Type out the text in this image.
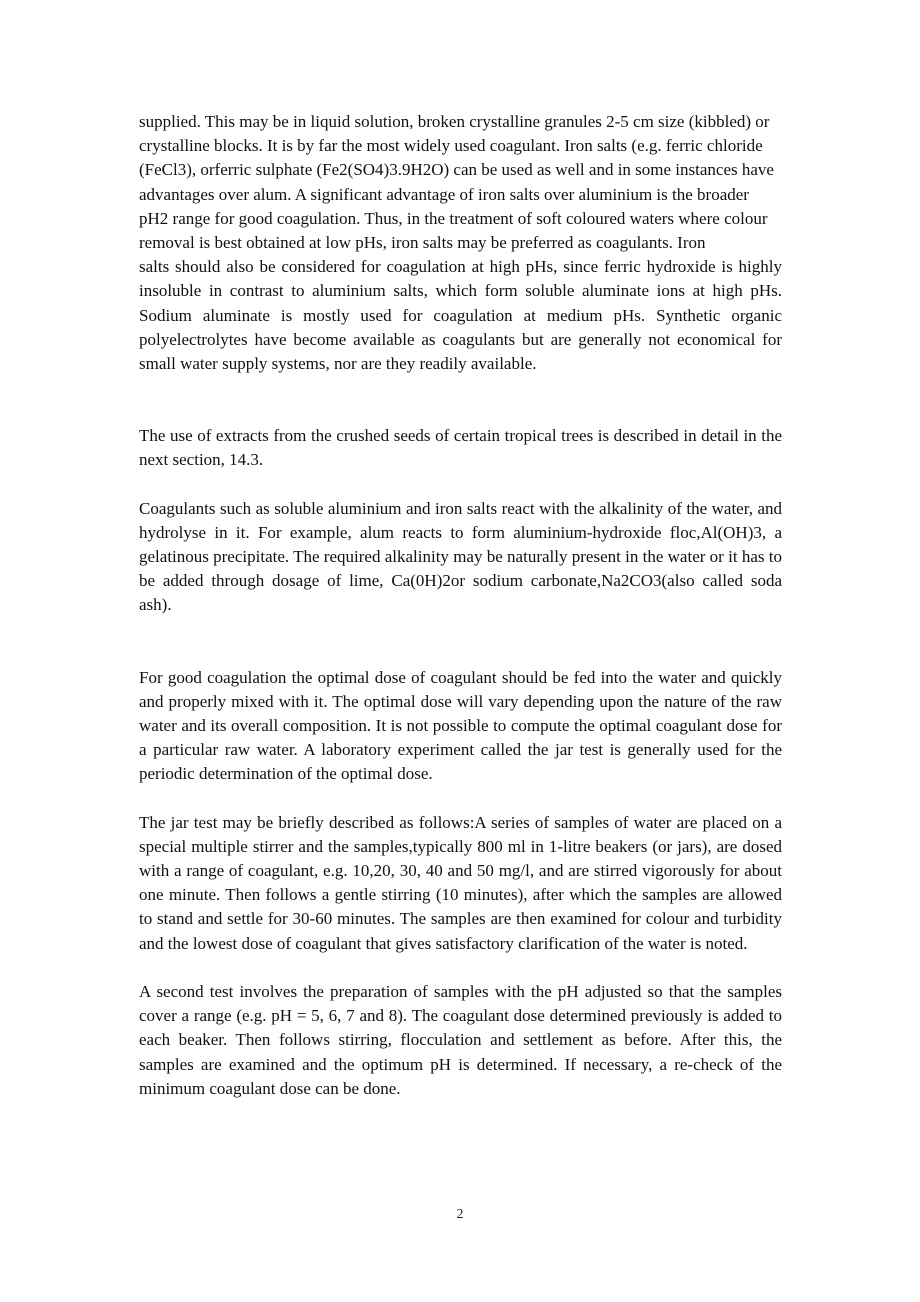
supplied. This may be in liquid solution, broken crystalline granules 2-5 cm size (kibbled) or crystalline blocks. It is by far the most widely used coagulant. Iron salts (e.g. ferric chloride (FeCl3), orferric sulphate (Fe2(SO4)3.9H2O) can be used as well and in some instances have advantages over alum. A significant advantage of iron salts over aluminium is the broader pH2 range for good coagulation. Thus, in the treatment of soft coloured waters where colour removal is best obtained at low pHs, iron salts may be preferred as coagulants. Iron

salts should also be considered for coagulation at high pHs, since ferric hydroxide is highly insoluble in contrast to aluminium salts, which form soluble aluminate ions at high pHs. Sodium aluminate is mostly used for coagulation at medium pHs. Synthetic organic polyelectrolytes have become available as coagulants but are generally not economical for small water supply systems, nor are they readily available.

The use of extracts from the crushed seeds of certain tropical trees is described in detail in the next section, 14.3.

Coagulants such as soluble aluminium and iron salts react with the alkalinity of the water, and hydrolyse in it. For example, alum reacts to form aluminium-hydroxide floc,Al(OH)3, a gelatinous precipitate. The required alkalinity may be naturally present in the water or it has to be added through dosage of lime, Ca(0H)2or sodium carbonate,Na2CO3(also called soda ash).

For good coagulation the optimal dose of coagulant should be fed into the water and quickly and properly mixed with it. The optimal dose will vary depending upon the nature of the raw water and its overall composition. It is not possible to compute the optimal coagulant dose for a particular raw water. A laboratory experiment called the jar test is generally used for the periodic determination of the optimal dose.

The jar test may be briefly described as follows:A series of samples of water are placed on a special multiple stirrer and the samples,typically 800 ml in 1-litre beakers (or jars), are dosed with a range of coagulant, e.g. 10,20, 30, 40 and 50 mg/l, and are stirred vigorously for about one minute. Then follows a gentle stirring (10 minutes), after which the samples are allowed to stand and settle for 30-60 minutes. The samples are then examined for colour and turbidity and the lowest dose of coagulant that gives satisfactory clarification of the water is noted.

A second test involves the preparation of samples with the pH adjusted so that the samples cover a range (e.g. pH = 5, 6, 7 and 8). The coagulant dose determined previously is added to each beaker. Then follows stirring, flocculation and settlement as before. After this, the samples are examined and the optimum pH is determined. If necessary, a re-check of the minimum coagulant dose can be done.

2
